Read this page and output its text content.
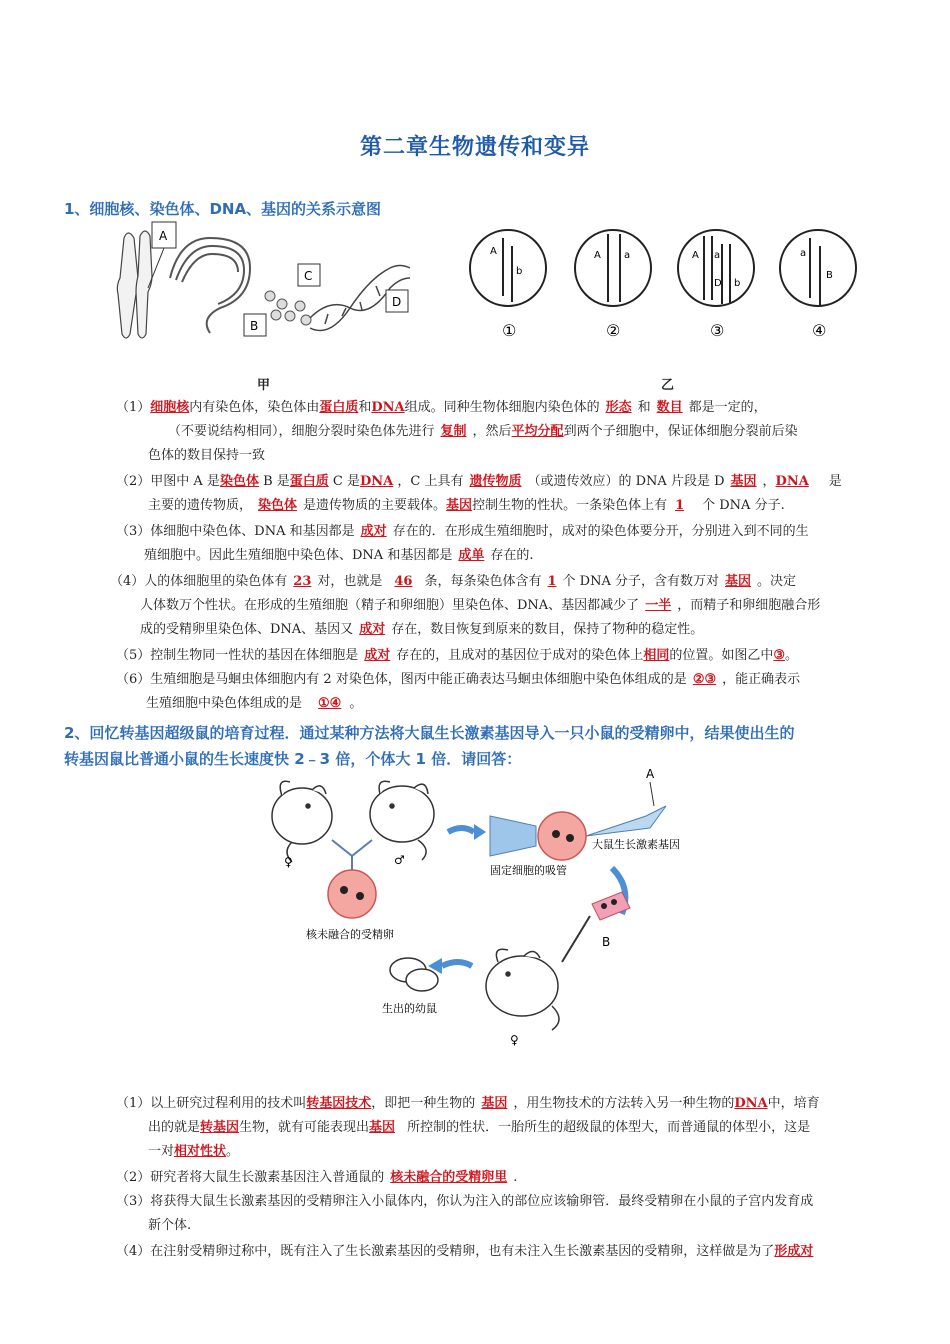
第二章生物遗传和变异
1、细胞核、染色体、DNA、基因的关系示意图
A
B
C
D
A
b
①
A a
②
A a
D b
③
a
B
④
甲	乙
（1）细胞核内有染色体，染色体由蛋白质和DNA组成。同种生物体细胞内染色体的 形态 和 数目 都是一定的，
（不要说结构相同），细胞分裂时染色体先进行 复制 ，然后平均分配到两个子细胞中，保证体细胞分裂前后染
色体的数目保持一致
（2）甲图中 A 是染色体 B 是蛋白质 C 是DNA ，C 上具有 遗传物质 （或遗传效应）的 DNA 片段是 D 基因 ，DNA 是
主要的遗传物质， 染色体 是遗传物质的主要载体。基因控制生物的性状。一条染色体上有 1 个 DNA 分子.
（3）体细胞中染色体、DNA 和基因都是 成对 存在的．在形成生殖细胞时，成对的染色体要分开，分别进入到不同的生
殖细胞中。因此生殖细胞中染色体、DNA 和基因都是 成单 存在的.
（4）人的体细胞里的染色体有 23 对，也就是 46 条，每条染色体含有 1 个 DNA 分子，含有数万对 基因 。决定
人体数万个性状。在形成的生殖细胞（精子和卵细胞）里染色体、DNA、基因都减少了 一半 ，而精子和卵细胞融合形
成的受精卵里染色体、DNA、基因又 成对 存在，数目恢复到原来的数目，保持了物种的稳定性。
（5）控制生物同一性状的基因在体细胞是 成对 存在的，且成对的基因位于成对的染色体上相同的位置。如图乙中③。
（6）生殖细胞是马蛔虫体细胞内有 2 对染色体，图丙中能正确表达马蛔虫体细胞中染色体组成的是 ②③ ，能正确表示
生殖细胞中染色体组成的是 ①④ 。
2、回忆转基因超级鼠的培育过程．通过某种方法将大鼠生长激素基因导入一只小鼠的受精卵中，结果使出生的
转基因鼠比普通小鼠的生长速度快 2﹣3 倍，个体大 1 倍．请回答：
♀	♂
核未融合的受精卵
A
固定细胞的吸管
大鼠生长激素基因
B
♀
生出的幼鼠
（1）以上研究过程利用的技术叫转基因技术，即把一种生物的 基因 ，用生物技术的方法转入另一种生物的DNA中，培育
出的就是转基因生物，就有可能表现出基因 所控制的性状．一胎所生的超级鼠的体型大，而普通鼠的体型小，这是
一对相对性状。
（2）研究者将大鼠生长激素基因注入普通鼠的 核未融合的受精卵里 .
（3）将获得大鼠生长激素基因的受精卵注入小鼠体内，你认为注入的部位应该输卵管．最终受精卵在小鼠的子宫内发育成
新个体.
（4）在注射受精卵过称中，既有注入了生长激素基因的受精卵，也有未注入生长激素基因的受精卵，这样做是为了形成对
